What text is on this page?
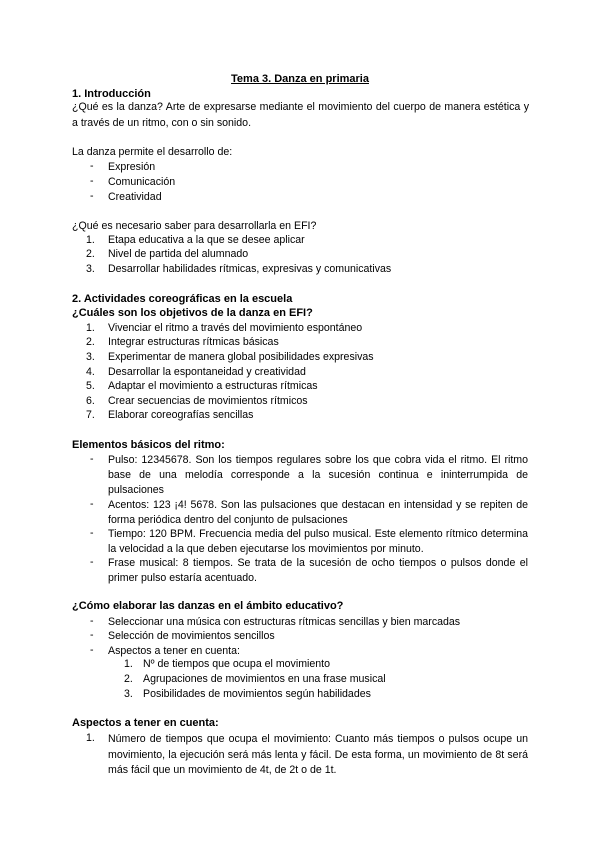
Tema 3. Danza en primaria
1. Introducción
¿Qué es la danza? Arte de expresarse mediante el movimiento del cuerpo de manera estética y a través de un ritmo, con o sin sonido.
La danza permite el desarrollo de:
-	Expresión
-	Comunicación
-	Creatividad
¿Qué es necesario saber para desarrollarla en EFI?
1.	Etapa educativa a la que se desee aplicar
2.	Nivel de partida del alumnado
3.	Desarrollar habilidades rítmicas, expresivas y comunicativas
2. Actividades coreográficas en la escuela
¿Cuáles son los objetivos de la danza en EFI?
1.	Vivenciar el ritmo a través del movimiento espontáneo
2.	Integrar estructuras rítmicas básicas
3.	Experimentar de manera global posibilidades expresivas
4.	Desarrollar la espontaneidad y creatividad
5.	Adaptar el movimiento a estructuras rítmicas
6.	Crear secuencias de movimientos rítmicos
7.	Elaborar coreografías sencillas
Elementos básicos del ritmo:
-	Pulso: 12345678. Son los tiempos regulares sobre los que cobra vida el ritmo. El ritmo base de una melodía corresponde a la sucesión continua e ininterrumpida de pulsaciones
-	Acentos: 123 ¡4! 5678. Son las pulsaciones que destacan en intensidad y se repiten de forma periódica dentro del conjunto de pulsaciones
-	Tiempo: 120 BPM. Frecuencia media del pulso musical. Este elemento rítmico determina la velocidad a la que deben ejecutarse los movimientos por minuto.
-	Frase musical: 8 tiempos. Se trata de la sucesión de ocho tiempos o pulsos donde el primer pulso estaría acentuado.
¿Cómo elaborar las danzas en el ámbito educativo?
-	Seleccionar una música con estructuras rítmicas sencillas y bien marcadas
-	Selección de movimientos sencillos
-	Aspectos a tener en cuenta:
1. Nº de tiempos que ocupa el movimiento
2. Agrupaciones de movimientos en una frase musical
3. Posibilidades de movimientos según habilidades
Aspectos a tener en cuenta:
1.	Número de tiempos que ocupa el movimiento: Cuanto más tiempos o pulsos ocupe un movimiento, la ejecución será más lenta y fácil. De esta forma, un movimiento de 8t será más fácil que un movimiento de 4t, de 2t o de 1t.
